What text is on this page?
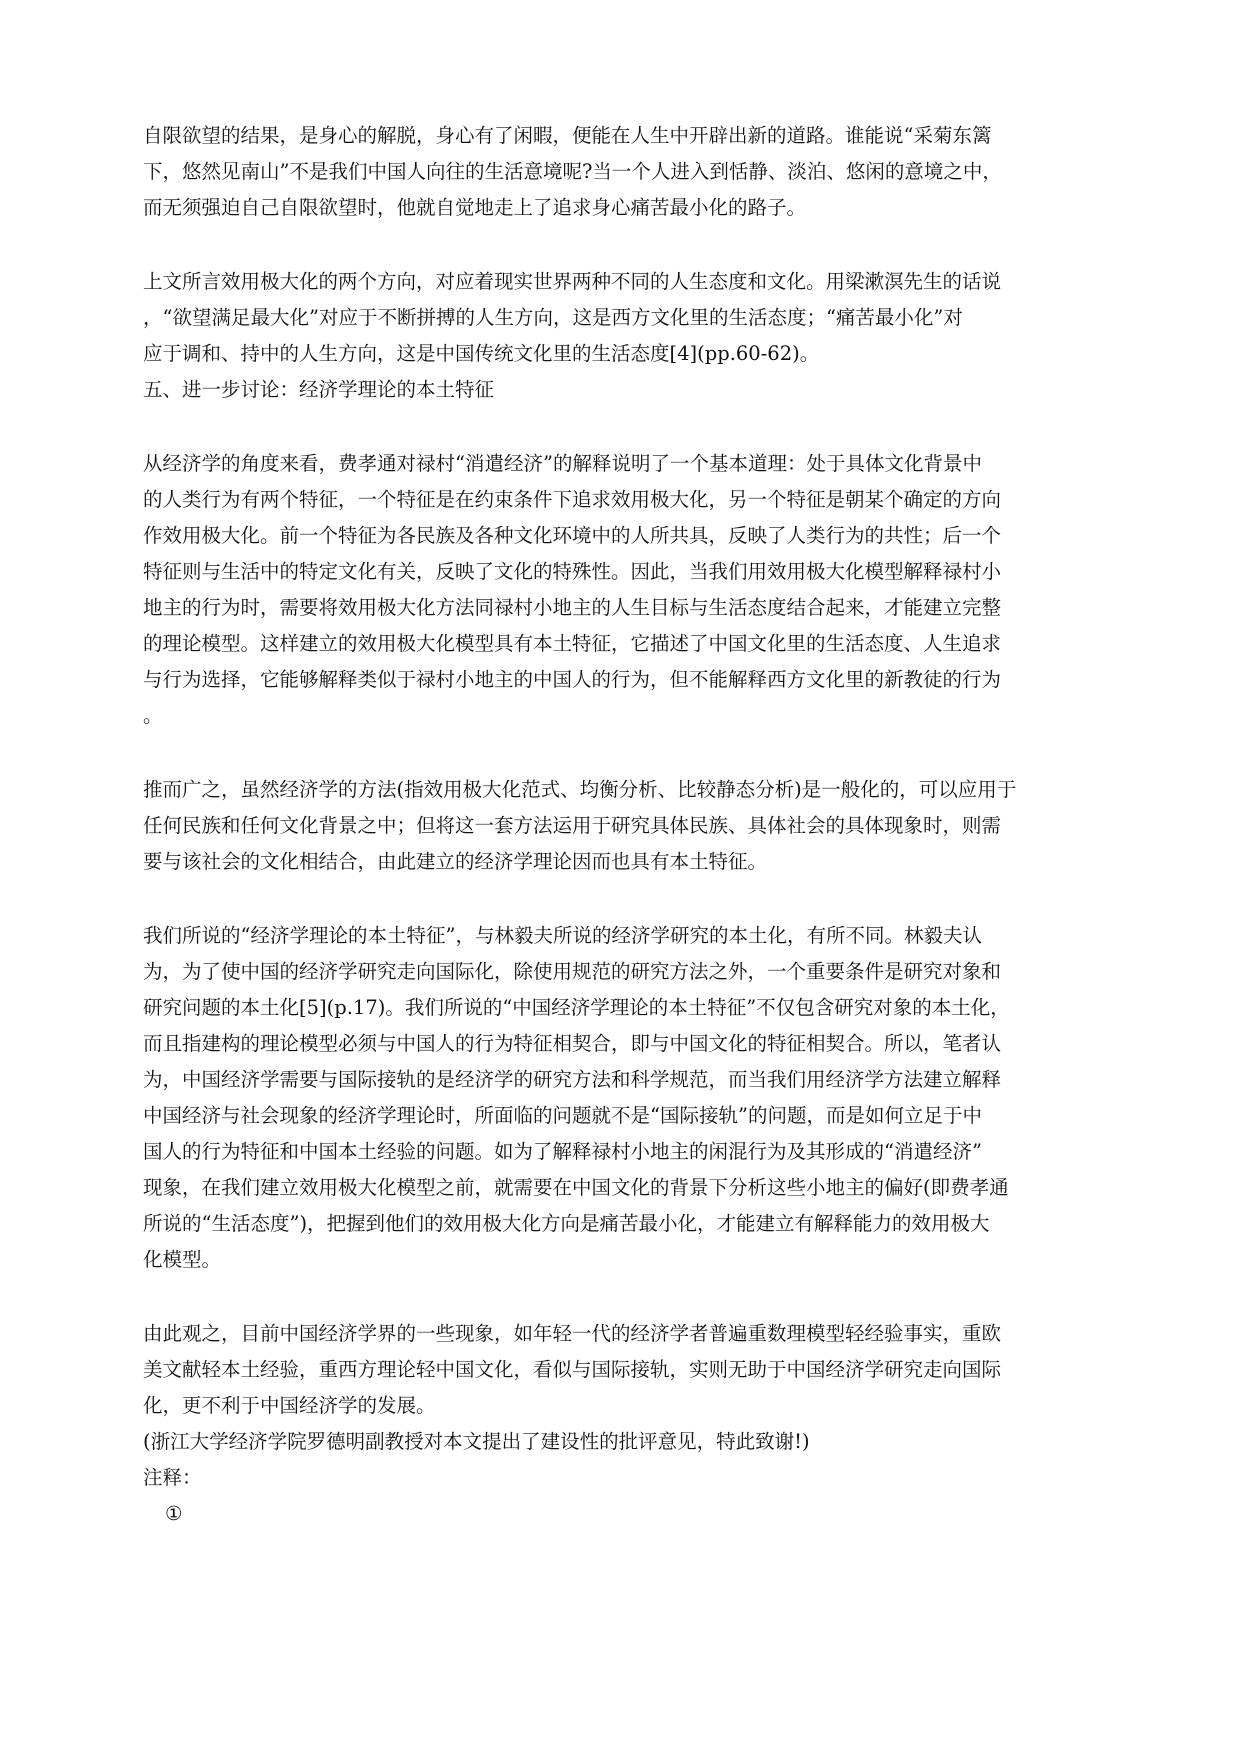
自限欲望的结果，是身心的解脱，身心有了闲暇，便能在人生中开辟出新的道路。谁能说“采菊东篱
下，悠然见南山”不是我们中国人向往的生活意境呢?当一个人进入到恬静、淡泊、悠闲的意境之中，
而无须强迫自己自限欲望时，他就自觉地走上了追求身心痛苦最小化的路子。
上文所言效用极大化的两个方向，对应着现实世界两种不同的人生态度和文化。用梁漱溟先生的话说
，“欲望满足最大化”对应于不断拼搏的人生方向，这是西方文化里的生活态度；“痛苦最小化”对
应于调和、持中的人生方向，这是中国传统文化里的生活态度[4](pp.60-62)。
五、进一步讨论：经济学理论的本土特征
从经济学的角度来看，费孝通对禄村“消遣经济”的解释说明了一个基本道理：处于具体文化背景中
的人类行为有两个特征，一个特征是在约束条件下追求效用极大化，另一个特征是朝某个确定的方向
作效用极大化。前一个特征为各民族及各种文化环境中的人所共具，反映了人类行为的共性；后一个
特征则与生活中的特定文化有关，反映了文化的特殊性。因此，当我们用效用极大化模型解释禄村小
地主的行为时，需要将效用极大化方法同禄村小地主的人生目标与生活态度结合起来，才能建立完整
的理论模型。这样建立的效用极大化模型具有本土特征，它描述了中国文化里的生活态度、人生追求
与行为选择，它能够解释类似于禄村小地主的中国人的行为，但不能解释西方文化里的新教徒的行为
。
推而广之，虽然经济学的方法(指效用极大化范式、均衡分析、比较静态分析)是一般化的，可以应用于
任何民族和任何文化背景之中；但将这一套方法运用于研究具体民族、具体社会的具体现象时，则需
要与该社会的文化相结合，由此建立的经济学理论因而也具有本土特征。
我们所说的“经济学理论的本土特征”，与林毅夫所说的经济学研究的本土化，有所不同。林毅夫认
为，为了使中国的经济学研究走向国际化，除使用规范的研究方法之外，一个重要条件是研究对象和
研究问题的本土化[5](p.17)。我们所说的“中国经济学理论的本土特征”不仅包含研究对象的本土化，
而且指建构的理论模型必须与中国人的行为特征相契合，即与中国文化的特征相契合。所以，笔者认
为，中国经济学需要与国际接轨的是经济学的研究方法和科学规范，而当我们用经济学方法建立解释
中国经济与社会现象的经济学理论时，所面临的问题就不是“国际接轨”的问题，而是如何立足于中
国人的行为特征和中国本土经验的问题。如为了解释禄村小地主的闲混行为及其形成的“消遣经济”
现象，在我们建立效用极大化模型之前，就需要在中国文化的背景下分析这些小地主的偏好(即费孝通
所说的“生活态度”)，把握到他们的效用极大化方向是痛苦最小化，才能建立有解释能力的效用极大
化模型。
由此观之，目前中国经济学界的一些现象，如年轻一代的经济学者普遍重数理模型轻经验事实，重欧
美文献轻本土经验，重西方理论轻中国文化，看似与国际接轨，实则无助于中国经济学研究走向国际
化，更不利于中国经济学的发展。
(浙江大学经济学院罗德明副教授对本文提出了建设性的批评意见，特此致谢!)
注释：
①
